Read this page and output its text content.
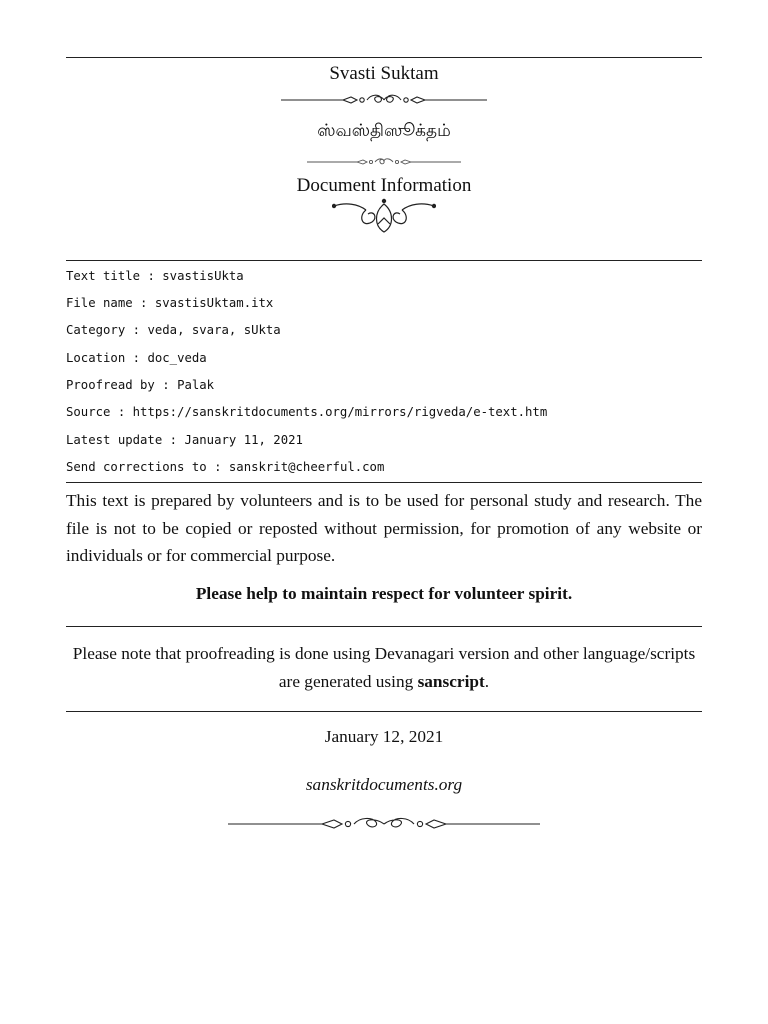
Svasti Suktam
ஸ்வஸ்திஸூக்தம்
Document Information
Text title : svastisUkta
File name : svastisUktam.itx
Category : veda, svara, sUkta
Location : doc_veda
Proofread by : Palak
Source : https://sanskritdocuments.org/mirrors/rigveda/e-text.htm
Latest update : January 11, 2021
Send corrections to : sanskrit@cheerful.com
This text is prepared by volunteers and is to be used for personal study and research. The file is not to be copied or reposted without permission, for promotion of any website or individuals or for commercial purpose.
Please help to maintain respect for volunteer spirit.
Please note that proofreading is done using Devanagari version and other language/scripts
are generated using sanscript.
January 12, 2021
sanskritdocuments.org
